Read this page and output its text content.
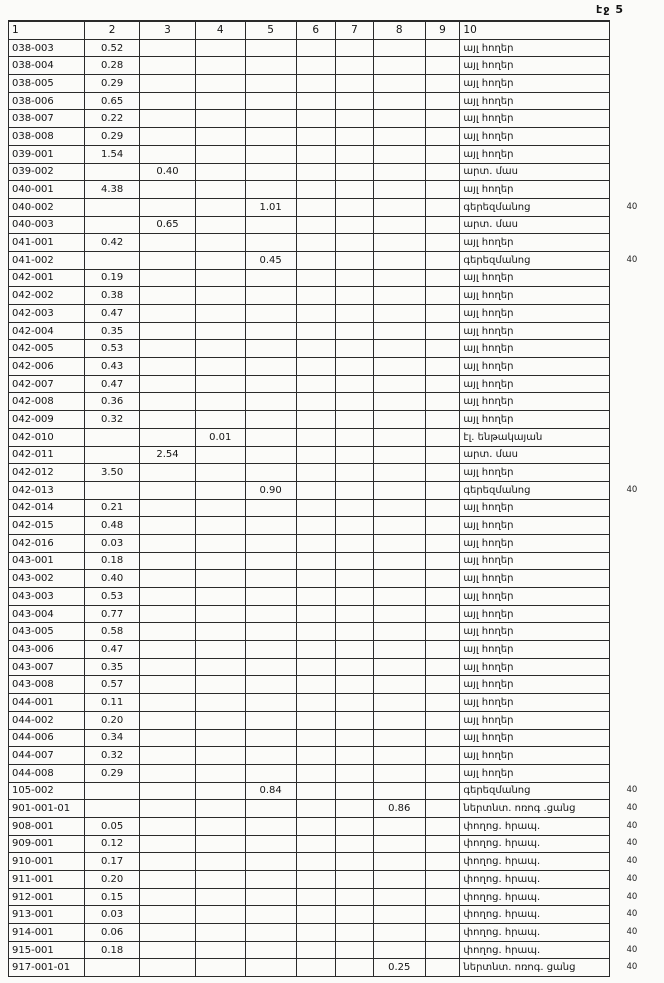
էջ 5
1	2	3	4	5	6	7	8	9	10	
038-003	0.52								այլ հողեր	
038-004	0.28								այլ հողեր	
038-005	0.29								այլ հողեր	
038-006	0.65								այլ հողեր	
038-007	0.22								այլ հողեր	
038-008	0.29								այլ հողեր	
039-001	1.54								այլ հողեր	
039-002		0.40							արտ. մաս	
040-001	4.38								այլ հողեր	
040-002				1.01					գերեզմանոց	40
040-003		0.65							արտ. մաս	
041-001	0.42								այլ հողեր	
041-002				0.45					գերեզմանոց	40
042-001	0.19								այլ հողեր	
042-002	0.38								այլ հողեր	
042-003	0.47								այլ հողեր	
042-004	0.35								այլ հողեր	
042-005	0.53								այլ հողեր	
042-006	0.43								այլ հողեր	
042-007	0.47								այլ հողեր	
042-008	0.36								այլ հողեր	
042-009	0.32								այլ հողեր	
042-010			0.01						էլ. ենթակայան	
042-011		2.54							արտ. մաս	
042-012	3.50								այլ հողեր	
042-013				0.90					գերեզմանոց	40
042-014	0.21								այլ հողեր	
042-015	0.48								այլ հողեր	
042-016	0.03								այլ հողեր	
043-001	0.18								այլ հողեր	
043-002	0.40								այլ հողեր	
043-003	0.53								այլ հողեր	
043-004	0.77								այլ հողեր	
043-005	0.58								այլ հողեր	
043-006	0.47								այլ հողեր	
043-007	0.35								այլ հողեր	
043-008	0.57								այլ հողեր	
044-001	0.11								այլ հողեր	
044-002	0.20								այլ հողեր	
044-006	0.34								այլ հողեր	
044-007	0.32								այլ հողեր	
044-008	0.29								այլ հողեր	
105-002				0.84					գերեզմանոց	40
901-001-01							0.86		ներտնտ. ոռոգ .ցանց	40
908-001	0.05								փողոց. հրապ.	40
909-001	0.12								փողոց. հրապ.	40
910-001	0.17								փողոց. հրապ.	40
911-001	0.20								փողոց. հրապ.	40
912-001	0.15								փողոց. հրապ.	40
913-001	0.03								փողոց. հրապ.	40
914-001	0.06								փողոց. հրապ.	40
915-001	0.18								փողոց. հրապ.	40
917-001-01							0.25		ներտնտ. ոռոգ. ցանց	40
